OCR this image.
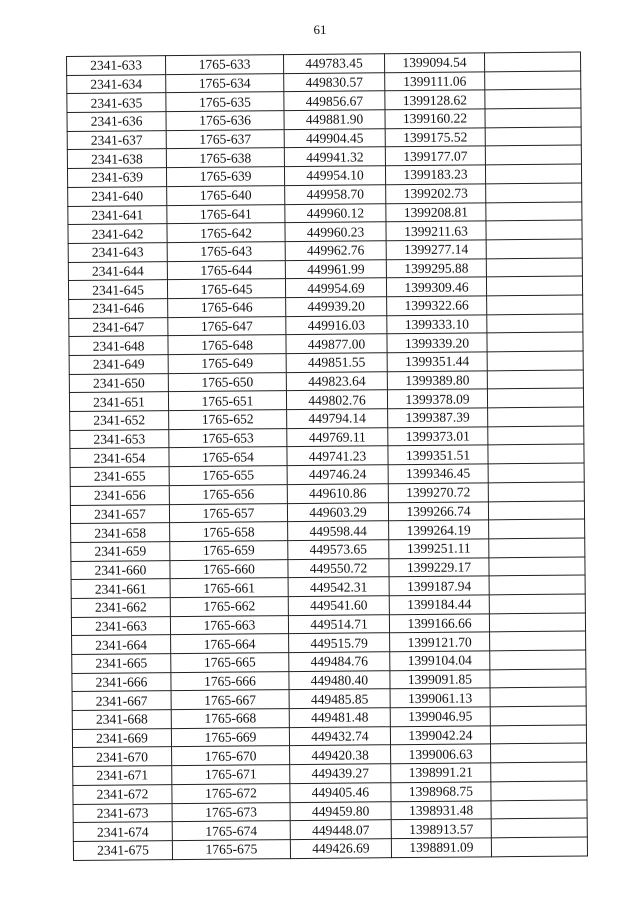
61
2341-633	1765-633	449783.45	1399094.54	
2341-634	1765-634	449830.57	1399111.06	
2341-635	1765-635	449856.67	1399128.62	
2341-636	1765-636	449881.90	1399160.22	
2341-637	1765-637	449904.45	1399175.52	
2341-638	1765-638	449941.32	1399177.07	
2341-639	1765-639	449954.10	1399183.23	
2341-640	1765-640	449958.70	1399202.73	
2341-641	1765-641	449960.12	1399208.81	
2341-642	1765-642	449960.23	1399211.63	
2341-643	1765-643	449962.76	1399277.14	
2341-644	1765-644	449961.99	1399295.88	
2341-645	1765-645	449954.69	1399309.46	
2341-646	1765-646	449939.20	1399322.66	
2341-647	1765-647	449916.03	1399333.10	
2341-648	1765-648	449877.00	1399339.20	
2341-649	1765-649	449851.55	1399351.44	
2341-650	1765-650	449823.64	1399389.80	
2341-651	1765-651	449802.76	1399378.09	
2341-652	1765-652	449794.14	1399387.39	
2341-653	1765-653	449769.11	1399373.01	
2341-654	1765-654	449741.23	1399351.51	
2341-655	1765-655	449746.24	1399346.45	
2341-656	1765-656	449610.86	1399270.72	
2341-657	1765-657	449603.29	1399266.74	
2341-658	1765-658	449598.44	1399264.19	
2341-659	1765-659	449573.65	1399251.11	
2341-660	1765-660	449550.72	1399229.17	
2341-661	1765-661	449542.31	1399187.94	
2341-662	1765-662	449541.60	1399184.44	
2341-663	1765-663	449514.71	1399166.66	
2341-664	1765-664	449515.79	1399121.70	
2341-665	1765-665	449484.76	1399104.04	
2341-666	1765-666	449480.40	1399091.85	
2341-667	1765-667	449485.85	1399061.13	
2341-668	1765-668	449481.48	1399046.95	
2341-669	1765-669	449432.74	1399042.24	
2341-670	1765-670	449420.38	1399006.63	
2341-671	1765-671	449439.27	1398991.21	
2341-672	1765-672	449405.46	1398968.75	
2341-673	1765-673	449459.80	1398931.48	
2341-674	1765-674	449448.07	1398913.57	
2341-675	1765-675	449426.69	1398891.09	
